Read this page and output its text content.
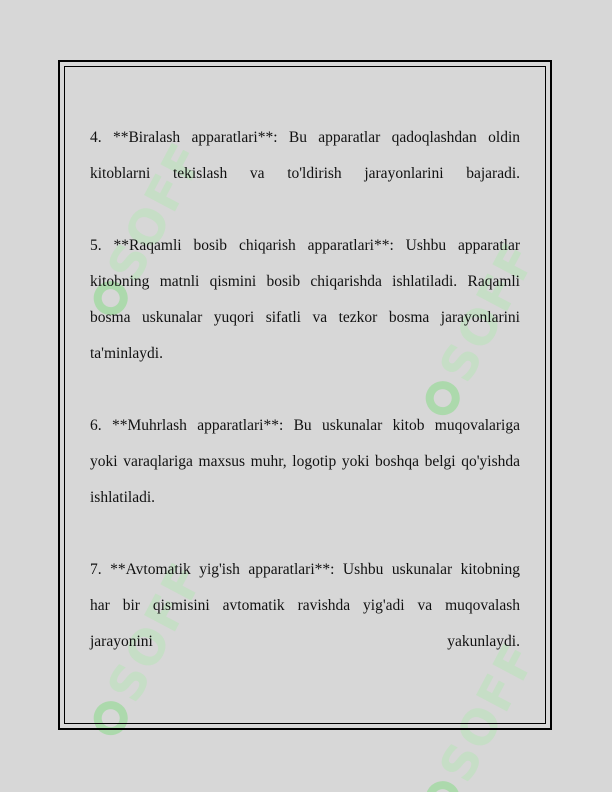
SOFF
SOFF
SOFF
SOFF

4. **Biralash apparatlari**: Bu apparatlar qadoqlashdan oldin

kitoblarni tekislash va to'ldirish jarayonlarini bajaradi.

5. **Raqamli bosib chiqarish apparatlari**: Ushbu apparatlar

kitobning matnli qismini bosib chiqarishda ishlatiladi. Raqamli

bosma uskunalar yuqori sifatli va tezkor bosma jarayonlarini

ta'minlaydi.

6. **Muhrlash apparatlari**: Bu uskunalar kitob muqovalariga

yoki varaqlariga maxsus muhr, logotip yoki boshqa belgi qo'yishda

ishlatiladi.

7. **Avtomatik yig'ish apparatlari**: Ushbu uskunalar kitobning

har bir qismisini avtomatik ravishda yig'adi va muqovalash

jarayonini yakunlaydi.
